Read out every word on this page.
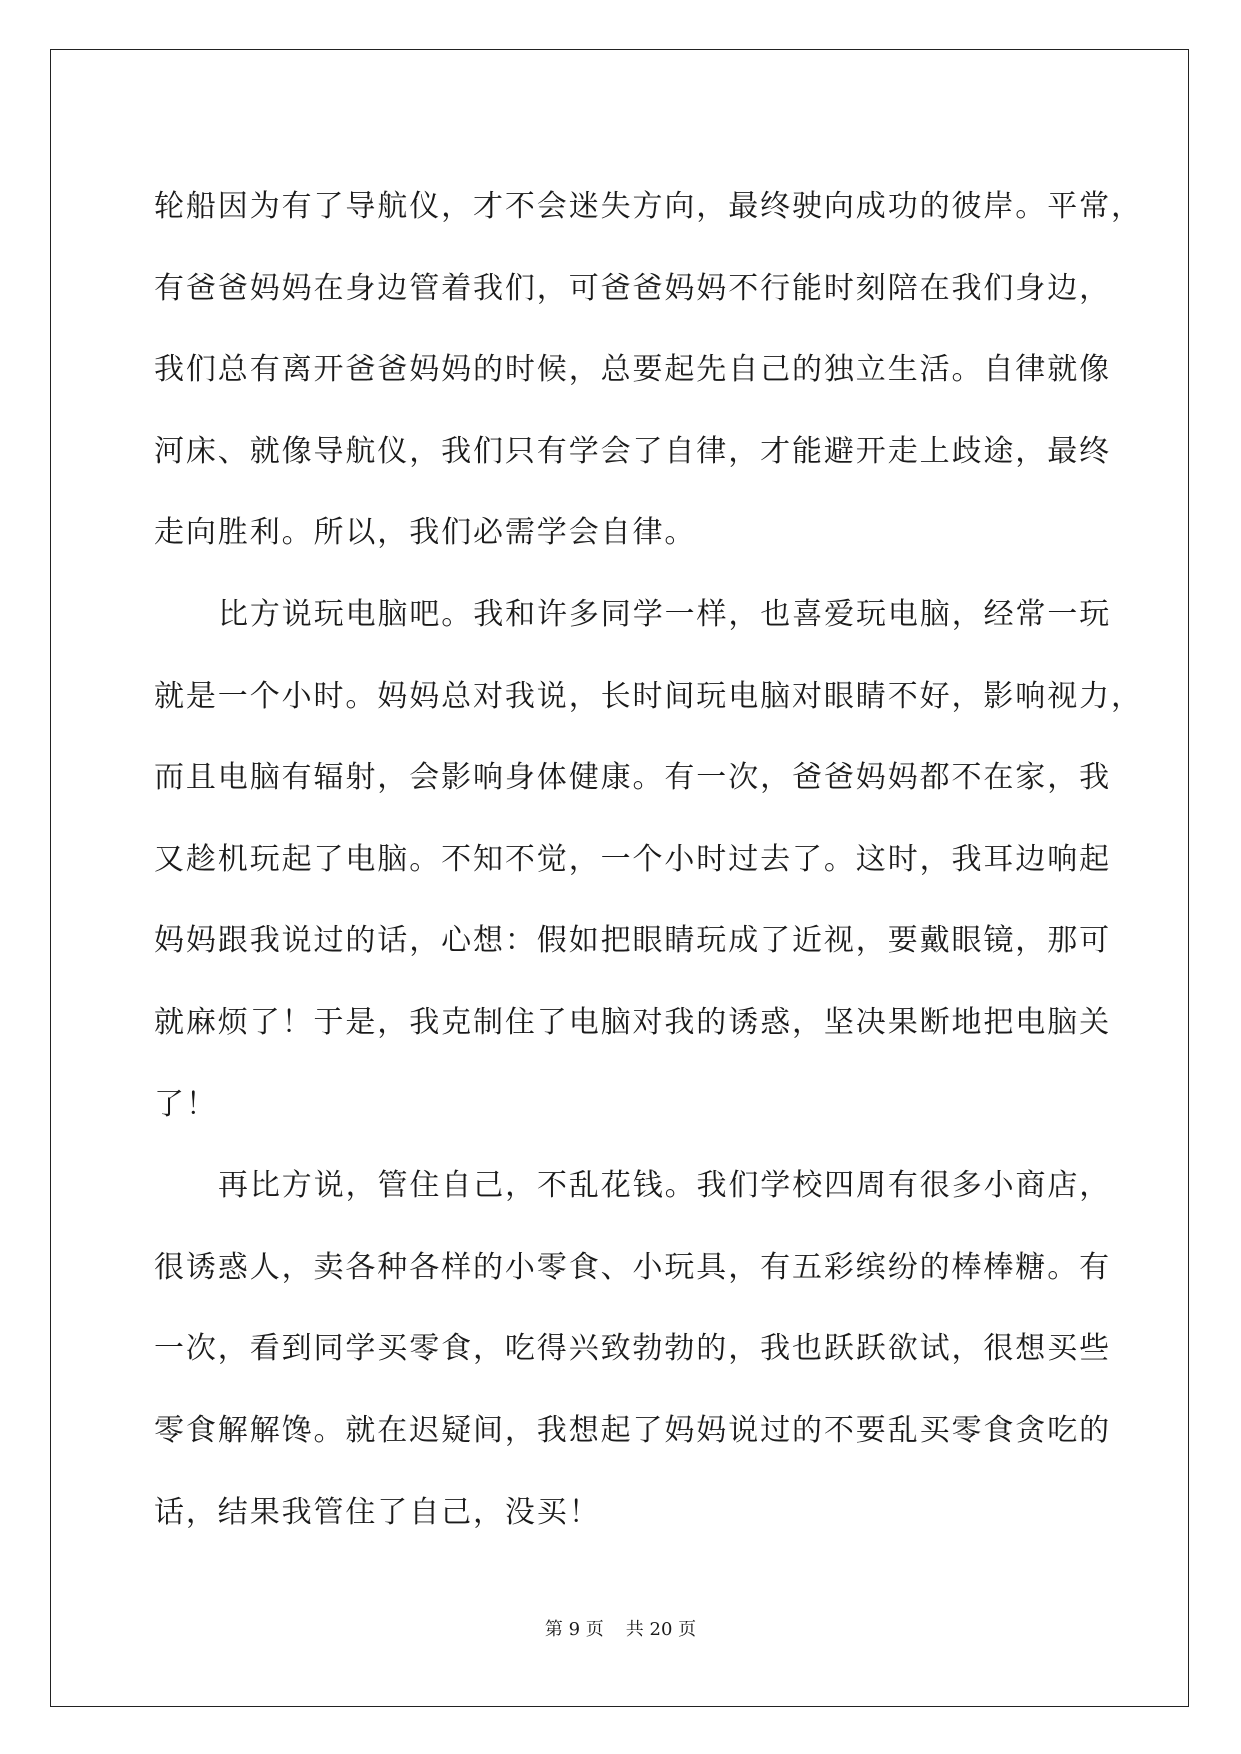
轮船因为有了导航仪，才不会迷失方向，最终驶向成功的彼岸。平常，
有爸爸妈妈在身边管着我们，可爸爸妈妈不行能时刻陪在我们身边，
我们总有离开爸爸妈妈的时候，总要起先自己的独立生活。自律就像
河床、就像导航仪，我们只有学会了自律，才能避开走上歧途，最终
走向胜利。所以，我们必需学会自律。
比方说玩电脑吧。我和许多同学一样，也喜爱玩电脑，经常一玩
就是一个小时。妈妈总对我说，长时间玩电脑对眼睛不好，影响视力，
而且电脑有辐射，会影响身体健康。有一次，爸爸妈妈都不在家，我
又趁机玩起了电脑。不知不觉，一个小时过去了。这时，我耳边响起
妈妈跟我说过的话，心想：假如把眼睛玩成了近视，要戴眼镜，那可
就麻烦了！于是，我克制住了电脑对我的诱惑，坚决果断地把电脑关
了！
再比方说，管住自己，不乱花钱。我们学校四周有很多小商店，
很诱惑人，卖各种各样的小零食、小玩具，有五彩缤纷的棒棒糖。有
一次，看到同学买零食，吃得兴致勃勃的，我也跃跃欲试，很想买些
零食解解馋。就在迟疑间，我想起了妈妈说过的不要乱买零食贪吃的
话，结果我管住了自己，没买！
第 9 页 共 20 页
